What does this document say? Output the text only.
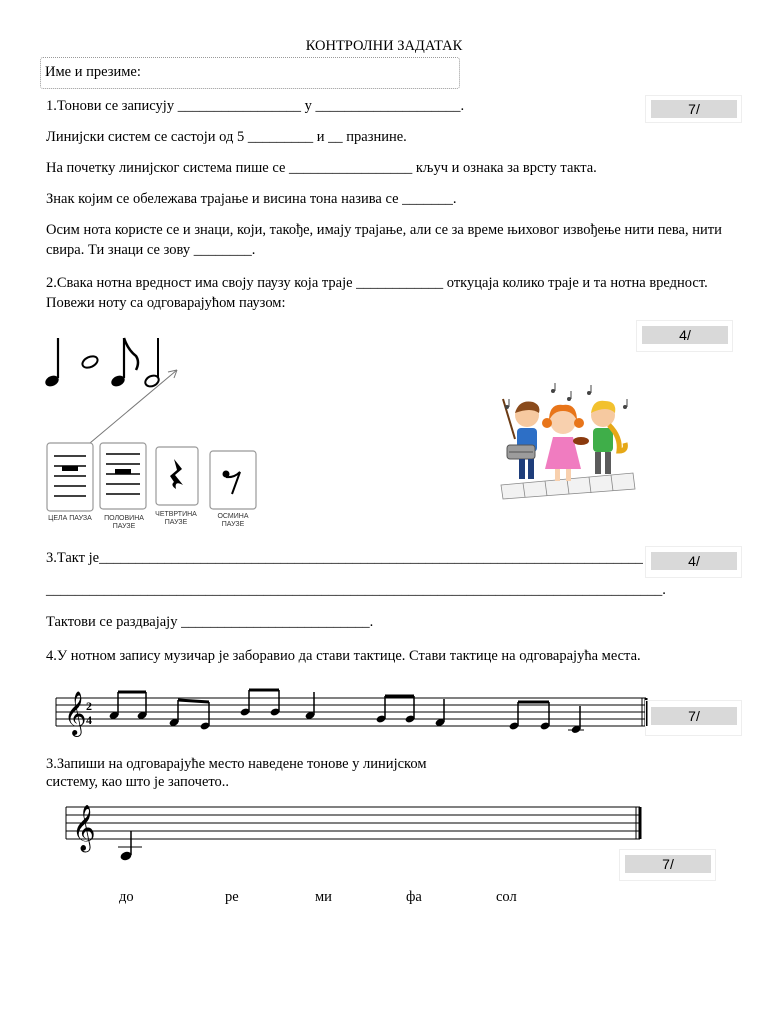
КОНТРОЛНИ ЗАДАТАК
Име и презиме:
1.Тонови се записују _________________ у ____________________.	7/
Линијски систем се састоји од 5 _________ и __ празнине.
На почетку линијског система пише се _________________ кључ и ознака за врсту такта.
Знак којим се обележава трајање и висина тона назива се _______.
Осим нота користе се и знаци, који, такође, имају трајање, али се за време њиховог извођење нити пева, нити свира. Ти знаци се зову ________.
2.Свака нотна вредност има своју паузу која траје ____________ откуцаја колико траје и та нотна вредност. Повежи ноту са одговарајућом паузом:
4/
ЦЕЛА ПАУЗА	ПОЛОВИНА ПАУЗЕ
ЧЕТВРТИНА ПАУЗЕ
ОСМИНА ПАУЗЕ
3.Такт је___________________________________________________________________________	4/
_____________________________________________________________________________________.
Тактови се раздвајају __________________________.
4.У нотном запису музичар је заборавио да стави тактице. Стави тактице на одговарајућа места.
𝄞 2
4	7/
3.Запиши на одговарајуће место наведене тонове у линијском
систему, као што је започето..
𝄞
7/
до	ре	ми	фа	сол
